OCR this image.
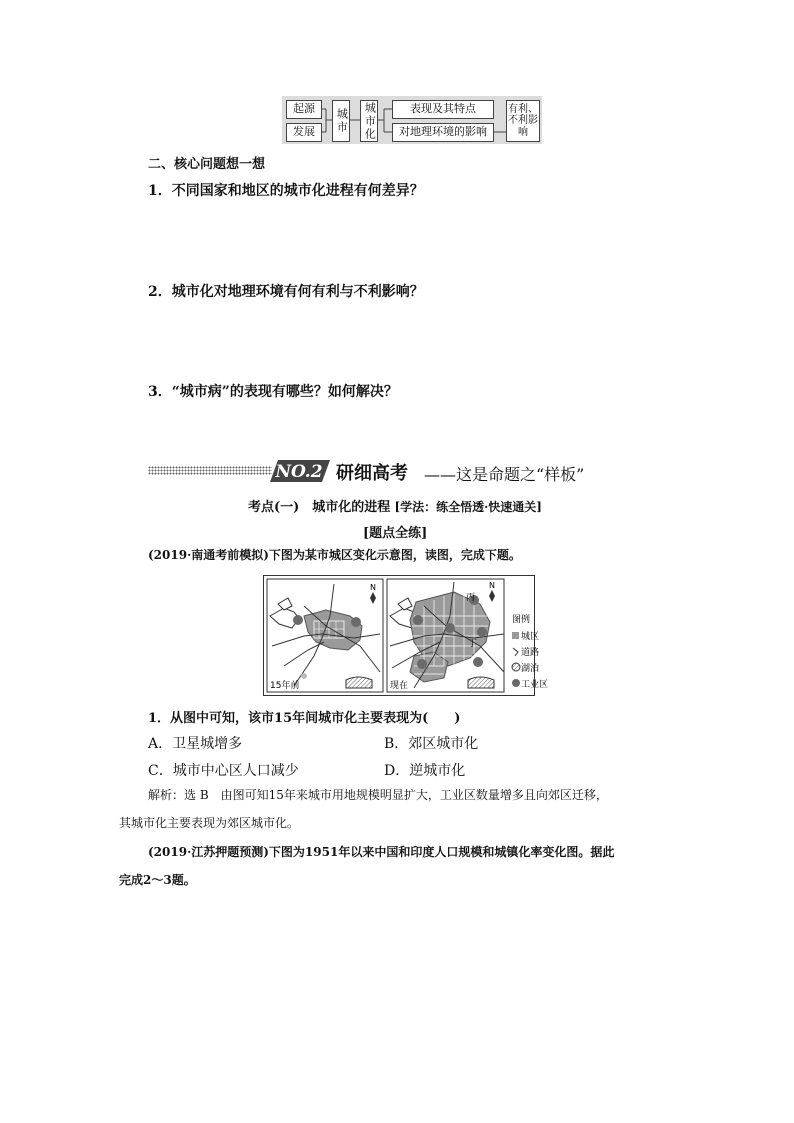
起源
发展	城市	城市化	表现及其特点
对地理环境的影响
有利、不利影响
二、核心问题想一想
1．不同国家和地区的城市化进程有何差异？
2．城市化对地理环境有何有利与不利影响？
3．“城市病”的表现有哪些？如何解决？
NO.2 研细高考 ——这是命题之“样板”
考点(一)　城市化的进程 [学法：练全悟透·快速通关]
[题点全练]
(2019·南通考前模拟)下图为某市城区变化示意图，读图，完成下题。
15年前
N
现在
N
丙
丁
图例
城区
道路
湖泊
工业区
1．从图中可知，该市15年间城市化主要表现为(　　)
A．卫星城增多	B．郊区城市化
C．城市中心区人口减少	D．逆城市化
解析：选 B　由图可知15年来城市用地规模明显扩大，工业区数量增多且向郊区迁移，
其城市化主要表现为郊区城市化。
(2019·江苏押题预测)下图为1951年以来中国和印度人口规模和城镇化率变化图。据此
完成2～3题。
